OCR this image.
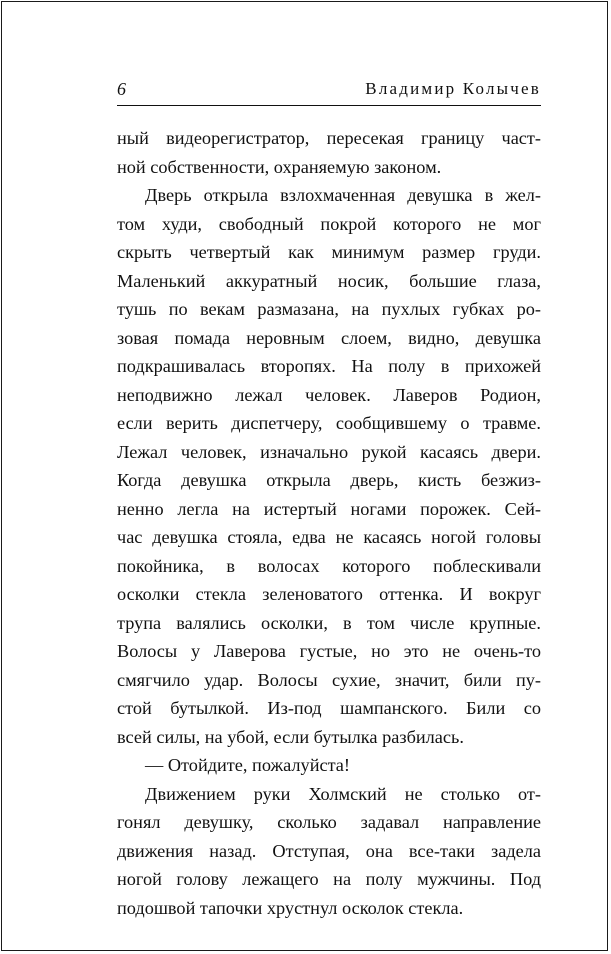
6	Владимир Колычев

ный видеорегистратор, пересекая границу част-

ной собственности, охраняемую законом.

Дверь открыла взлохмаченная девушка в жел-

том худи, свободный покрой которого не мог

скрыть четвертый как минимум размер груди.

Маленький аккуратный носик, большие глаза,

тушь по векам размазана, на пухлых губках ро-

зовая помада неровным слоем, видно, девушка

подкрашивалась второпях. На полу в прихожей

неподвижно лежал человек. Лаверов Родион,

если верить диспетчеру, сообщившему о травме.

Лежал человек, изначально рукой касаясь двери.

Когда девушка открыла дверь, кисть безжиз-

ненно легла на истертый ногами порожек. Сей-

час девушка стояла, едва не касаясь ногой головы

покойника, в волосах которого поблескивали

осколки стекла зеленоватого оттенка. И вокруг

трупа валялись осколки, в том числе крупные.

Волосы у Лаверова густые, но это не очень-то

смягчило удар. Волосы сухие, значит, били пу-

стой бутылкой. Из-под шампанского. Били со

всей силы, на убой, если бутылка разбилась.

— Отойдите, пожалуйста!

Движением руки Холмский не столько от-

гонял девушку, сколько задавал направление

движения назад. Отступая, она все-таки задела

ногой голову лежащего на полу мужчины. Под

подошвой тапочки хрустнул осколок стекла.
